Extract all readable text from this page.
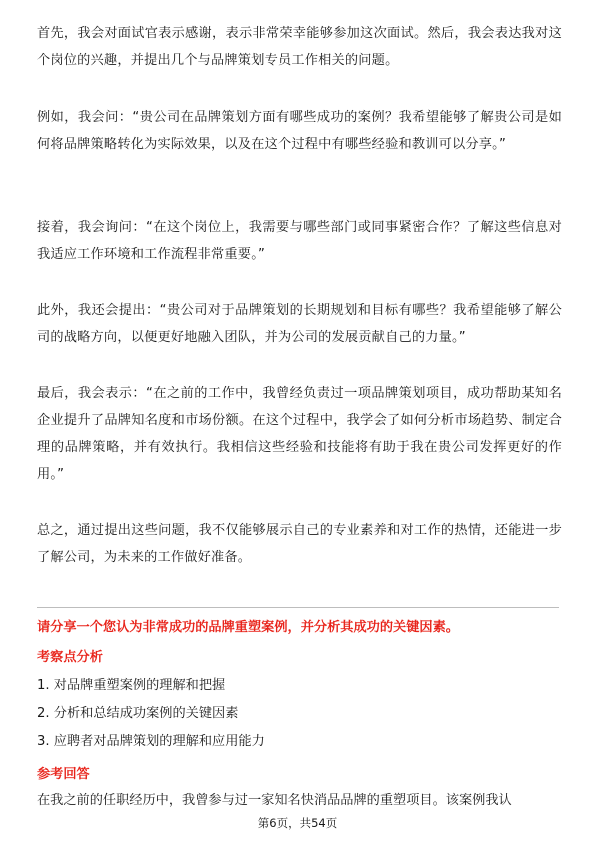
首先，我会对面试官表示感谢，表示非常荣幸能够参加这次面试。然后，我会表达我对这个岗位的兴趣，并提出几个与品牌策划专员工作相关的问题。

例如，我会问：“贵公司在品牌策划方面有哪些成功的案例？我希望能够了解贵公司是如何将品牌策略转化为实际效果，以及在这个过程中有哪些经验和教训可以分享。”

接着，我会询问：“在这个岗位上，我需要与哪些部门或同事紧密合作？了解这些信息对我适应工作环境和工作流程非常重要。”

此外，我还会提出：“贵公司对于品牌策划的长期规划和目标有哪些？我希望能够了解公司的战略方向，以便更好地融入团队，并为公司的发展贡献自己的力量。”

最后，我会表示：“在之前的工作中，我曾经负责过一项品牌策划项目，成功帮助某知名企业提升了品牌知名度和市场份额。在这个过程中，我学会了如何分析市场趋势、制定合理的品牌策略，并有效执行。我相信这些经验和技能将有助于我在贵公司发挥更好的作用。”

总之，通过提出这些问题，我不仅能够展示自己的专业素养和对工作的热情，还能进一步了解公司，为未来的工作做好准备。

请分享一个您认为非常成功的品牌重塑案例，并分析其成功的关键因素。

考察点分析

1. 对品牌重塑案例的理解和把握

2. 分析和总结成功案例的关键因素

3. 应聘者对品牌策划的理解和应用能力

参考回答

在我之前的任职经历中，我曾参与过一家知名快消品品牌的重塑项目。该案例我认

第6页，共54页
